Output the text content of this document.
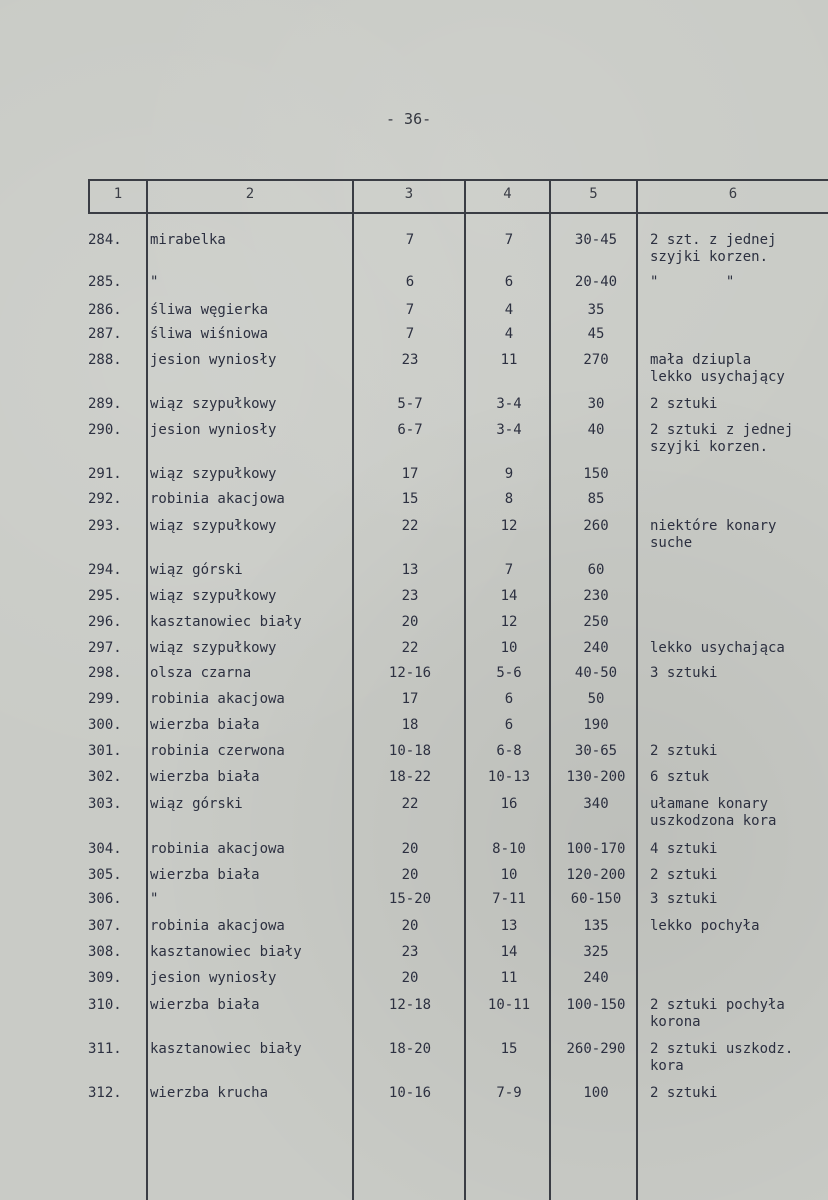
- 36-
1	2	3	4	5	6
284.	mirabelka	7	7	30-45	2 szt. z jednej
szyjki korzen.
285.	"	6	6	20-40	"        "
286.	śliwa węgierka	7	4	35
287.	śliwa wiśniowa	7	4	45
288.	jesion wyniosły	23	11	270	mała dziupla
lekko usychający
289.	wiąz szypułkowy	5-7	3-4	30	2 sztuki
290.	jesion wyniosły	6-7	3-4	40	2 sztuki z jednej
szyjki korzen.
291.	wiąz szypułkowy	17	9	150
292.	robinia akacjowa	15	8	85
293.	wiąz szypułkowy	22	12	260	niektóre konary
suche
294.	wiąz górski	13	7	60
295.	wiąz szypułkowy	23	14	230
296.	kasztanowiec biały	20	12	250
297.	wiąz szypułkowy	22	10	240	lekko usychająca
298.	olsza czarna	12-16	5-6	40-50	3 sztuki
299.	robinia akacjowa	17	6	50
300.	wierzba biała	18	6	190
301.	robinia czerwona	10-18	6-8	30-65	2 sztuki
302.	wierzba biała	18-22	10-13	130-200	6 sztuk
303.	wiąz górski	22	16	340	ułamane konary
uszkodzona kora
304.	robinia akacjowa	20	8-10	100-170	4 sztuki
305.	wierzba biała	20	10	120-200	2 sztuki
306.	"	15-20	7-11	60-150	3 sztuki
307.	robinia akacjowa	20	13	135	lekko pochyła
308.	kasztanowiec biały	23	14	325
309.	jesion wyniosły	20	11	240
310.	wierzba biała	12-18	10-11	100-150	2 sztuki pochyła
korona
311.	kasztanowiec biały	18-20	15	260-290	2 sztuki uszkodz.
kora
312.	wierzba krucha	10-16	7-9	100	2 sztuki
